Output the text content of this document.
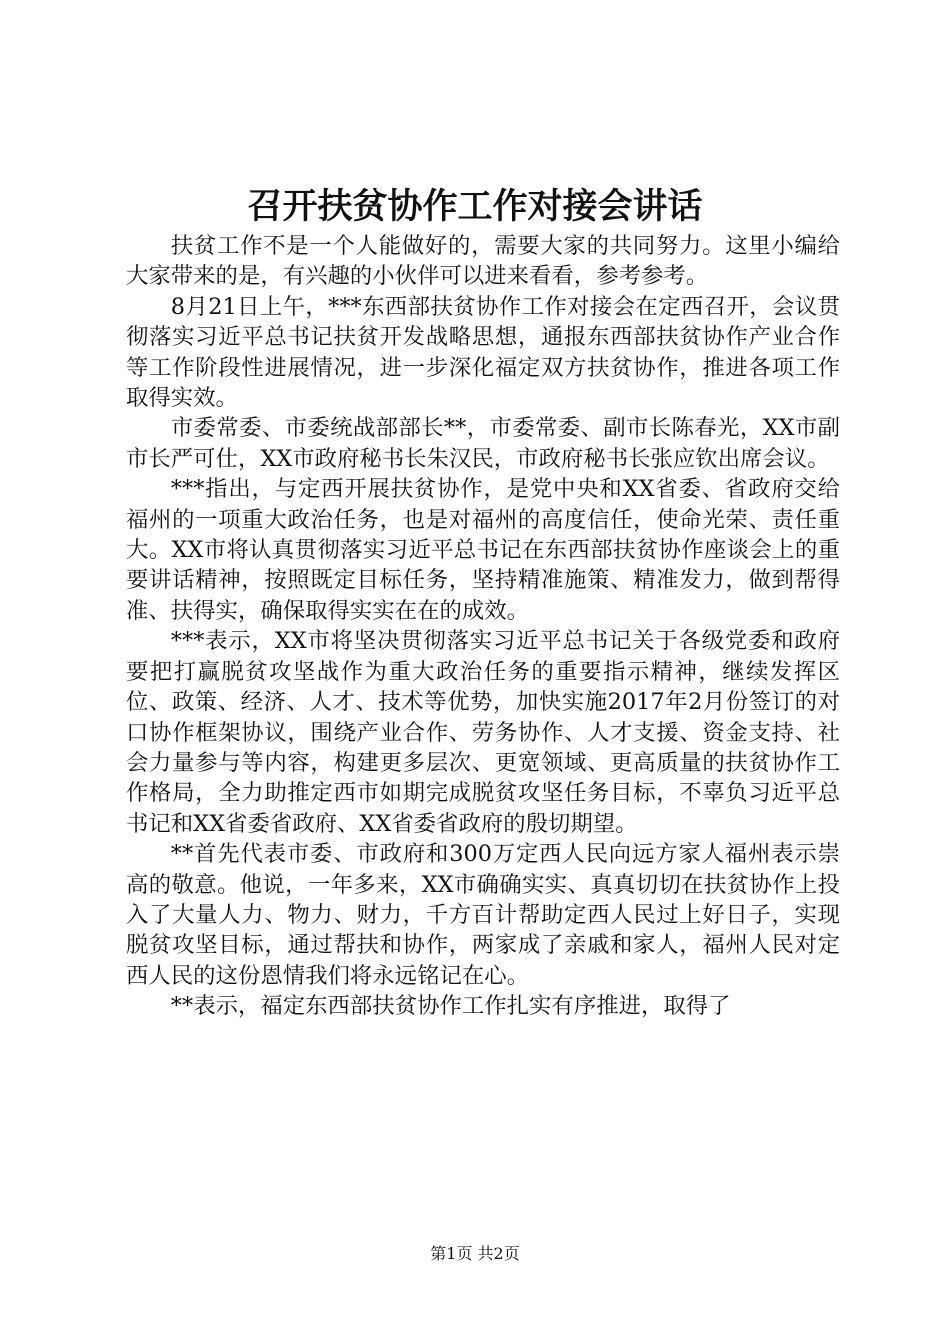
召开扶贫协作工作对接会讲话

扶贫工作不是一个人能做好的，需要大家的共同努力。这里小编给大家带来的是，有兴趣的小伙伴可以进来看看，参考参考。

8月21日上午，***东西部扶贫协作工作对接会在定西召开，会议贯彻落实习近平总书记扶贫开发战略思想，通报东西部扶贫协作产业合作等工作阶段性进展情况，进一步深化福定双方扶贫协作，推进各项工作取得实效。

市委常委、市委统战部部长**，市委常委、副市长陈春光，XX市副市长严可仕，XX市政府秘书长朱汉民，市政府秘书长张应钦出席会议。

***指出，与定西开展扶贫协作，是党中央和XX省委、省政府交给福州的一项重大政治任务，也是对福州的高度信任，使命光荣、责任重大。XX市将认真贯彻落实习近平总书记在东西部扶贫协作座谈会上的重要讲话精神，按照既定目标任务，坚持精准施策、精准发力，做到帮得准、扶得实，确保取得实实在在的成效。

***表示，XX市将坚决贯彻落实习近平总书记关于各级党委和政府要把打赢脱贫攻坚战作为重大政治任务的重要指示精神，继续发挥区位、政策、经济、人才、技术等优势，加快实施2017年2月份签订的对口协作框架协议，围绕产业合作、劳务协作、人才支援、资金支持、社会力量参与等内容，构建更多层次、更宽领域、更高质量的扶贫协作工作格局，全力助推定西市如期完成脱贫攻坚任务目标，不辜负习近平总书记和XX省委省政府、XX省委省政府的殷切期望。

**首先代表市委、市政府和300万定西人民向远方家人福州表示崇高的敬意。他说，一年多来，XX市确确实实、真真切切在扶贫协作上投入了大量人力、物力、财力，千方百计帮助定西人民过上好日子，实现脱贫攻坚目标，通过帮扶和协作，两家成了亲戚和家人，福州人民对定西人民的这份恩情我们将永远铭记在心。

**表示，福定东西部扶贫协作工作扎实有序推进，取得了

第1页 共2页
